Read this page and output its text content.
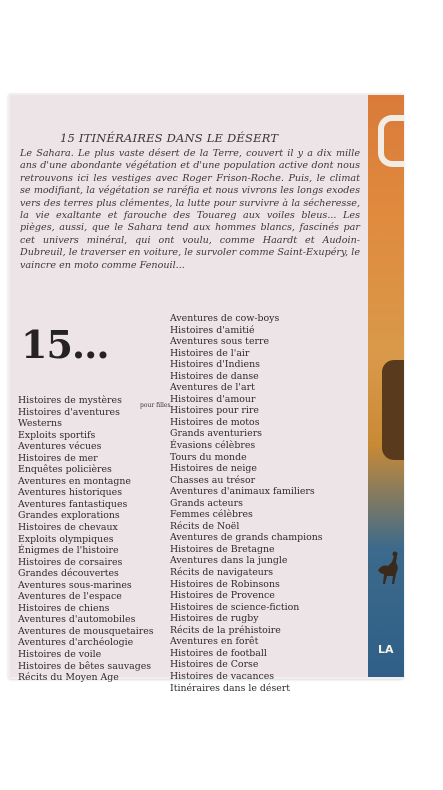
LA
15 ITINÉRAIRES DANS LE DÉSERT
Le Sahara. Le plus vaste désert de la Terre, couvert il y a dix mille ans d'une abondante végétation et d'une population active dont nous retrouvons ici les vestiges avec Roger Frison-Roche. Puis, le climat se modifiant, la végétation se raréfia et nous vivrons les longs exodes vers des terres plus clémentes, la lutte pour survivre à la sécheresse, la vie exaltante et farouche des Touareg aux voiles bleus... Les pièges, aussi, que le Sahara tend aux hommes blancs, fascinés par cet univers minéral, qui ont voulu, comme Haardt et Audoin-Dubreuil, le traverser en voiture, le survoler comme Saint-Exupéry, le vaincre en moto comme Fenouil...
15...
Histoires de mystères	pour filles
Histoires d'aventures
Westerns
Exploits sportifs
Aventures vécues
Histoires de mer
Enquêtes policières
Aventures en montagne
Aventures historiques
Aventures fantastiques
Grandes explorations
Histoires de chevaux
Exploits olympiques
Énigmes de l'histoire
Histoires de corsaires
Grandes découvertes
Aventures sous-marines
Aventures de l'espace
Histoires de chiens
Aventures d'automobiles
Aventures de mousquetaires
Aventures d'archéologie
Histoires de voile
Histoires de bêtes sauvages
Récits du Moyen Age
Aventures de cow-boys
Histoires d'amitié
Aventures sous terre
Histoires de l'air
Histoires d'Indiens
Histoires de danse
Aventures de l'art
Histoires d'amour
Histoires pour rire
Histoires de motos
Grands aventuriers
Évasions célèbres
Tours du monde
Histoires de neige
Chasses au trésor
Aventures d'animaux familiers
Grands acteurs
Femmes célèbres
Récits de Noël
Aventures de grands champions
Histoires de Bretagne
Aventures dans la jungle
Récits de navigateurs
Histoires de Robinsons
Histoires de Provence
Histoires de science-fiction
Histoires de rugby
Récits de la préhistoire
Aventures en forêt
Histoires de football
Histoires de Corse
Histoires de vacances
Itinéraires dans le désert
